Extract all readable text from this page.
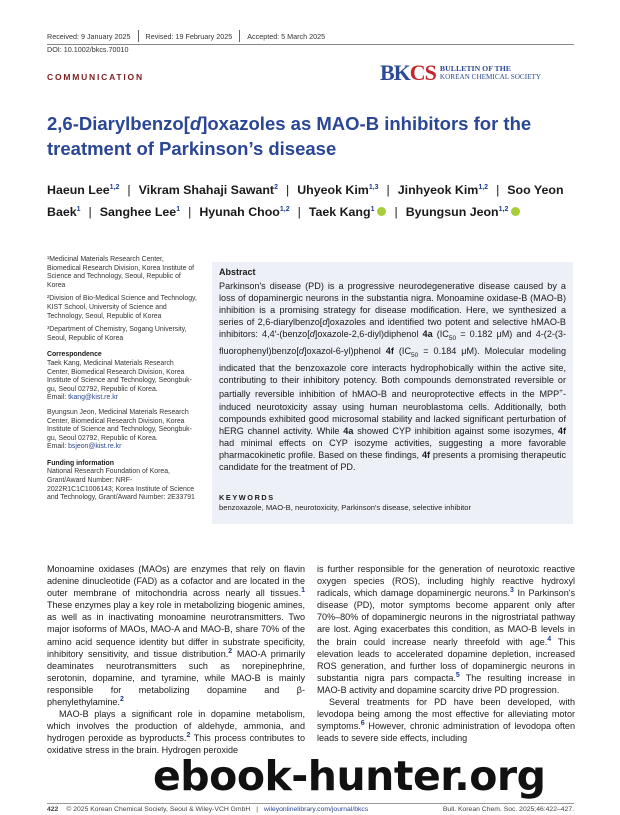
Received: 9 January 2025 Revised: 19 February 2025 Accepted: 5 March 2025
DOI: 10.1002/bkcs.70010
COMMUNICATION	BKCS BULLETIN OF THE
KOREAN CHEMICAL SOCIETY
2,6-Diarylbenzo[d]oxazoles as MAO-B inhibitors for the treatment of Parkinson’s disease
Haeun Lee$^{1,2}$ | Vikram Shahaji Sawant$^2$ | Uhyeok Kim$^{1,3}$ | Jinhyeok Kim$^{1,2}$ | Soo Yeon Baek$^1$ | Sanghee Lee$^1$ | Hyunah Choo$^{1,2}$ | Taek Kang$^1$ | Byungsun Jeon$^{1,2}$
¹Medicinal Materials Research Center, Biomedical Research Division, Korea Institute of Science and Technology, Seoul, Republic of Korea
²Division of Bio-Medical Science and Technology, KIST School, University of Science and Technology, Seoul, Republic of Korea
³Department of Chemistry, Sogang University, Seoul, Republic of Korea
Correspondence

Taek Kang, Medicinal Materials Research Center, Biomedical Research Division, Korea Institute of Science and Technology, Seongbuk-gu, Seoul 02792, Republic of Korea.
Email: tkang@kist.re.kr

Byungsun Jeon, Medicinal Materials Research Center, Biomedical Research Division, Korea Institute of Science and Technology, Seongbuk-gu, Seoul 02792, Republic of Korea.
Email: bsjeon@kist.re.kr

Funding information

National Research Foundation of Korea, Grant/Award Number: NRF-2022R1C1C1006143; Korea Institute of Science and Technology, Grant/Award Number: 2E33791

Abstract
Parkinson's disease (PD) is a progressive neurodegenerative disease caused by a loss of dopaminergic neurons in the substantia nigra. Monoamine oxidase-B (MAO-B) inhibition is a promising strategy for disease modification. Here, we synthesized a series of 2,6-diarylbenzo[d]oxazoles and identified two potent and selective hMAO-B inhibitors: 4,4′-(benzo[d]oxazole-2,6-diyl)diphenol 4a ($IC_{50} = 0.182$ μM) and 4-(2-(3-fluorophenyl)benzo[d]oxazol-6-yl)phenol 4f ($IC_{50} = 0.184$ μM). Molecular modeling indicated that the benzoxazole core interacts hydrophobically within the active site, contributing to their inhibitory potency. Both compounds demonstrated reversible or partially reversible inhibition of hMAO-B and neuroprotective effects in the MPP+-induced neurotoxicity assay using human neuroblastoma cells. Additionally, both compounds exhibited good microsomal stability and lacked significant perturbation of hERG channel activity. While 4a showed CYP inhibition against some isozymes, 4f had minimal effects on CYP isozyme activities, suggesting a more favorable pharmacokinetic profile. Based on these findings, 4f presents a promising therapeutic candidate for the treatment of PD.
KEYWORDS
benzoxazole, MAO-B, neurotoxicity, Parkinson's disease, selective inhibitor

Monoamine oxidases (MAOs) are enzymes that rely on flavin adenine dinucleotide (FAD) as a cofactor and are located in the outer membrane of mitochondria across nearly all tissues.$^1$ These enzymes play a key role in metabolizing biogenic amines, as well as in inactivating monoamine neurotransmitters. Two major isoforms of MAOs, MAO-A and MAO-B, share 70% of the amino acid sequence identity but differ in substrate specificity, inhibitory sensitivity, and tissue distribution.$^2$ MAO-A primarily deaminates neurotransmitters such as norepinephrine, serotonin, dopamine, and tyramine, while MAO-B is mainly responsible for metabolizing dopamine and β-phenylethylamine.$^2$

MAO-B plays a significant role in dopamine metabolism, which involves the production of aldehyde, ammonia, and hydrogen peroxide as byproducts.$^2$ This process contributes to oxidative stress in the brain. Hydrogen peroxide

is further responsible for the generation of neurotoxic reactive oxygen species (ROS), including highly reactive hydroxyl radicals, which damage dopaminergic neurons.$^3$ In Parkinson's disease (PD), motor symptoms become apparent only after 70%–80% of dopaminergic neurons in the nigrostriatal pathway are lost. Aging exacerbates this condition, as MAO-B levels in the brain could increase nearly threefold with age.$^4$ This elevation leads to accelerated dopamine depletion, increased ROS generation, and further loss of dopaminergic neurons in substantia nigra pars compacta.$^5$ The resulting increase in MAO-B activity and dopamine scarcity drive PD progression.

Several treatments for PD have been developed, with levodopa being among the most effective for alleviating motor symptoms.$^6$ However, chronic administration of levodopa often leads to severe side effects, including

422 © 2025 Korean Chemical Society, Seoul & Wiley-VCH GmbH | wileyonlinelibrary.com/journal/bkcs	Bull. Korean Chem. Soc. 2025;46:422–427.
ebook-hunter.org
